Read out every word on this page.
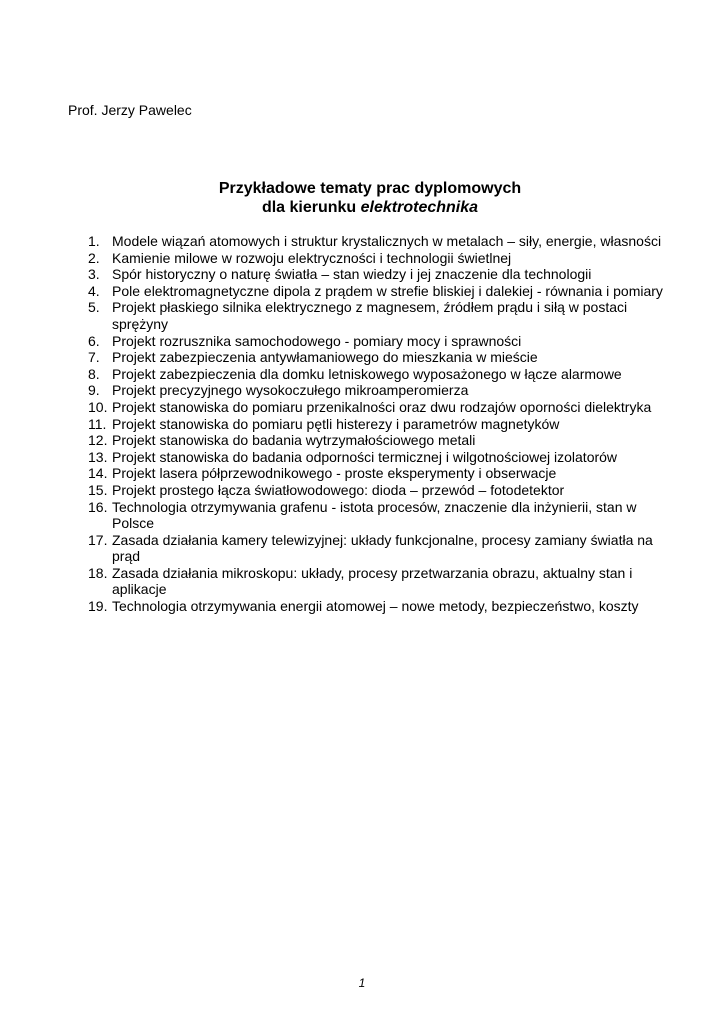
Prof. Jerzy Pawelec

Przykładowe tematy prac dyplomowych
dla kierunku elektrotechnika
1. Modele wiązań atomowych i struktur krystalicznych w metalach – siły, energie, własności
2. Kamienie milowe w rozwoju elektryczności i technologii świetlnej
3. Spór historyczny o naturę światła – stan wiedzy i jej znaczenie dla technologii
4. Pole elektromagnetyczne dipola z prądem w strefie bliskiej i dalekiej - równania i pomiary
5. Projekt płaskiego silnika elektrycznego z magnesem, źródłem prądu i siłą w postaci sprężyny
6. Projekt rozrusznika samochodowego - pomiary mocy i sprawności
7. Projekt zabezpieczenia antywłamaniowego do mieszkania w mieście
8. Projekt zabezpieczenia dla domku letniskowego wyposażonego w łącze alarmowe
9. Projekt precyzyjnego wysokoczułego mikroamperomierza
10. Projekt stanowiska do pomiaru przenikalności oraz dwu rodzajów oporności dielektryka
11. Projekt stanowiska do pomiaru pętli histerezy i parametrów magnetyków
12. Projekt stanowiska do badania wytrzymałościowego metali
13. Projekt stanowiska do badania odporności termicznej i wilgotnościowej izolatorów
14. Projekt lasera półprzewodnikowego - proste eksperymenty i obserwacje
15. Projekt prostego łącza światłowodowego: dioda – przewód – fotodetektor
16. Technologia otrzymywania grafenu - istota procesów, znaczenie dla inżynierii, stan w Polsce
17. Zasada działania kamery telewizyjnej: układy funkcjonalne, procesy zamiany światła na prąd
18. Zasada działania mikroskopu: układy, procesy przetwarzania obrazu, aktualny stan i aplikacje
19. Technologia otrzymywania energii atomowej – nowe metody, bezpieczeństwo, koszty
1
